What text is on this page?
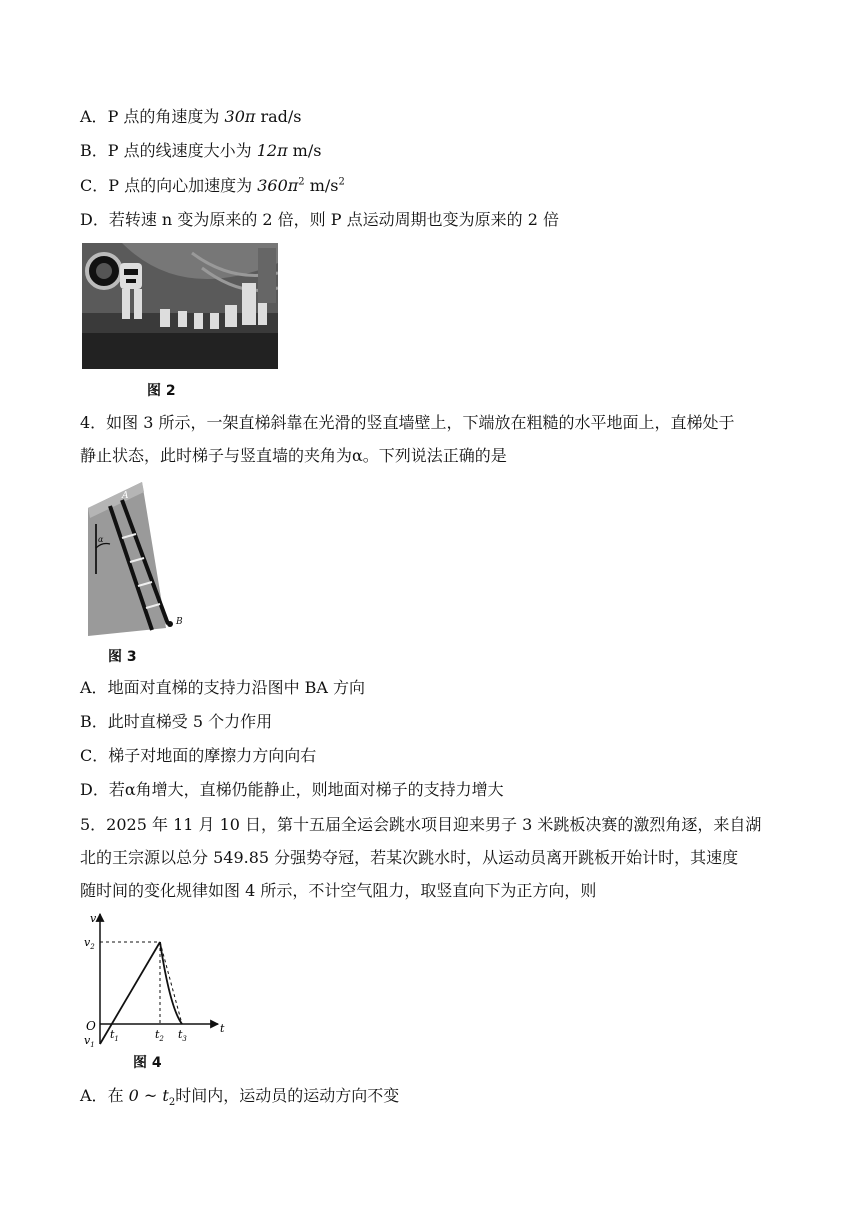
A．P 点的角速度为 30π rad/s
B．P 点的线速度大小为 12π m/s
C．P 点的向心加速度为 $360\pi^2$ $m/s^2$
D．若转速 n 变为原来的 2 倍，则 P 点运动周期也变为原来的 2 倍
图 2
4．如图 3 所示，一架直梯斜靠在光滑的竖直墙壁上，下端放在粗糙的水平地面上，直梯处于
静止状态，此时梯子与竖直墙的夹角为α。下列说法正确的是
A
B
α
图 3
A．地面对直梯的支持力沿图中 BA 方向
B．此时直梯受 5 个力作用
C．梯子对地面的摩擦力方向向右
D．若α角增大，直梯仍能静止，则地面对梯子的支持力增大
5．2025 年 11 月 10 日，第十五届全运会跳水项目迎来男子 3 米跳板决赛的激烈角逐，来自湖
北的王宗源以总分 549.85 分强势夺冠，若某次跳水时，从运动员离开跳板开始计时，其速度
随时间的变化规律如图 4 所示，不计空气阻力，取竖直向下为正方向，则
v
$v_2$
$v_1$
O	t
$t_1$	$t_2$ $t_3$
图 4
A．在 0 ~ $t_2$时间内，运动员的运动方向不变
